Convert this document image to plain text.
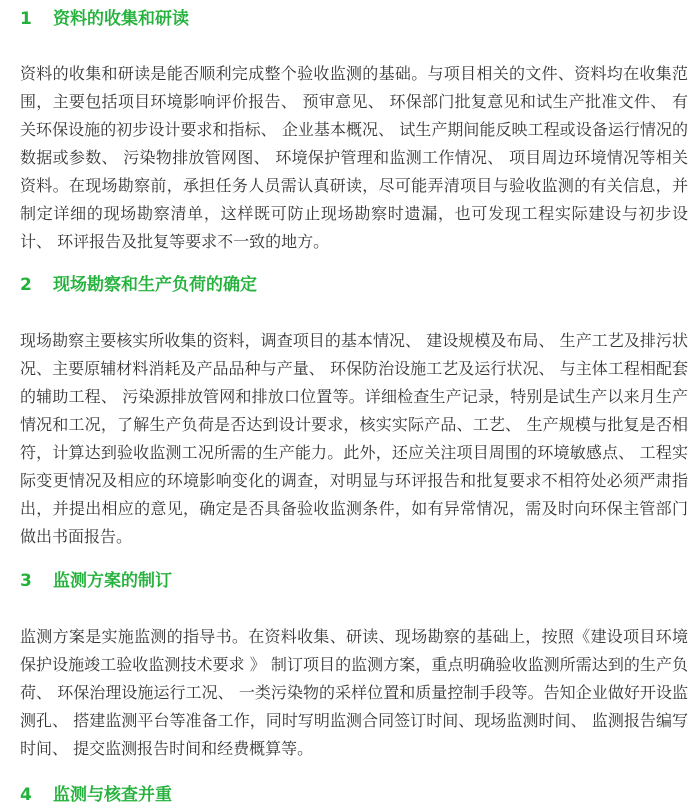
1	资料的收集和研读

资料的收集和研读是能否顺利完成整个验收监测的基础。与项目相关的文件、资料均在收集范围，主要包括项目环境影响评价报告、 预审意见、 环保部门批复意见和试生产批准文件、 有关环保设施的初步设计要求和指标、 企业基本概况、 试生产期间能反映工程或设备运行情况的数据或参数、 污染物排放管网图、 环境保护管理和监测工作情况、 项目周边环境情况等相关资料。在现场勘察前，承担任务人员需认真研读，尽可能弄清项目与验收监测的有关信息，并制定详细的现场勘察清单，这样既可防止现场勘察时遗漏，也可发现工程实际建设与初步设计、 环评报告及批复等要求不一致的地方。

2	现场勘察和生产负荷的确定

现场勘察主要核实所收集的资料，调查项目的基本情况、 建设规模及布局、 生产工艺及排污状况、主要原辅材料消耗及产品品种与产量、 环保防治设施工艺及运行状况、 与主体工程相配套的辅助工程、 污染源排放管网和排放口位置等。详细检查生产记录，特别是试生产以来月生产情况和工况，了解生产负荷是否达到设计要求，核实实际产品、工艺、 生产规模与批复是否相符，计算达到验收监测工况所需的生产能力。此外，还应关注项目周围的环境敏感点、 工程实际变更情况及相应的环境影响变化的调查，对明显与环评报告和批复要求不相符处必须严肃指出，并提出相应的意见，确定是否具备验收监测条件，如有异常情况，需及时向环保主管部门做出书面报告。

3	监测方案的制订

监测方案是实施监测的指导书。在资料收集、研读、现场勘察的基础上，按照《建设项目环境保护设施竣工验收监测技术要求 》 制订项目的监测方案，重点明确验收监测所需达到的生产负荷、 环保治理设施运行工况、 一类污染物的采样位置和质量控制手段等。告知企业做好开设监测孔、 搭建监测平台等准备工作，同时写明监测合同签订时间、现场监测时间、 监测报告编写时间、 提交监测报告时间和经费概算等。

4	监测与核查并重
